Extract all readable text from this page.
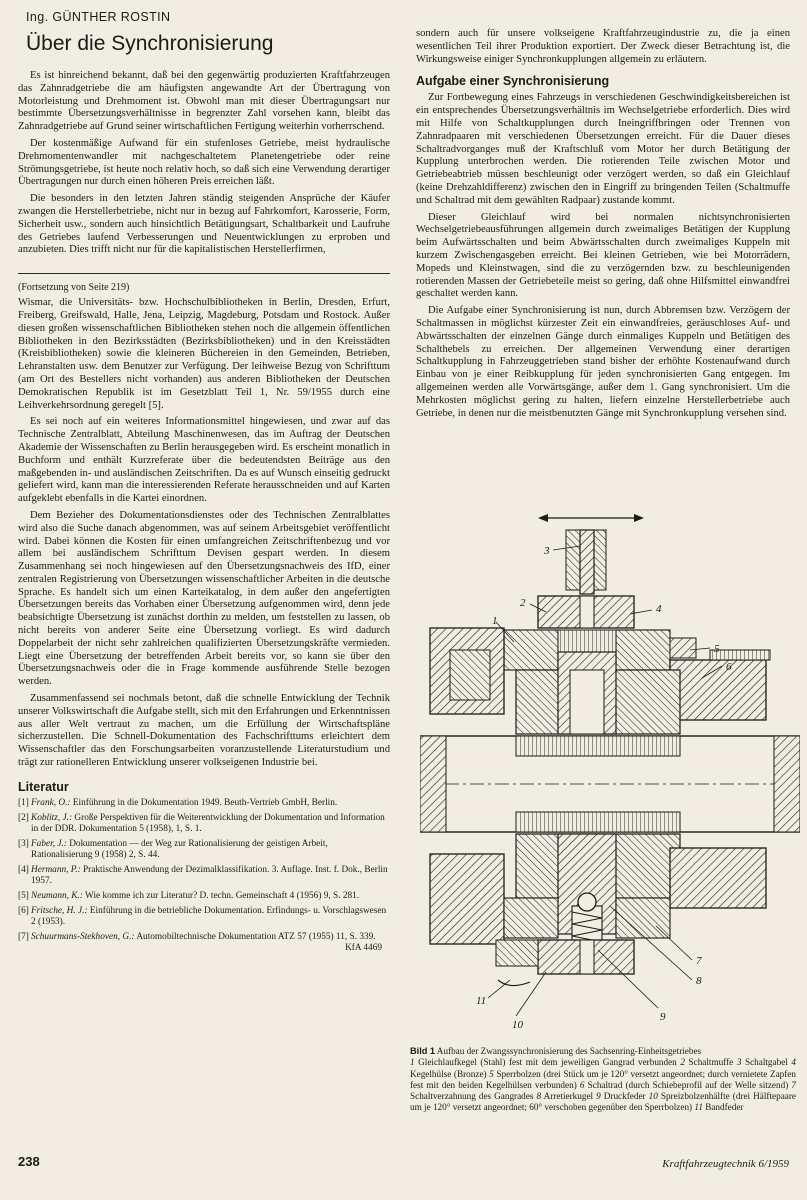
Ing. GÜNTHER ROSTIN
Über die Synchronisierung

Es ist hinreichend bekannt, daß bei den gegenwärtig produzierten Kraftfahrzeugen das Zahnradgetriebe die am häufigsten angewandte Art der Übertragung von Motorleistung und Drehmoment ist. Obwohl man mit dieser Übertragungsart nur bestimmte Übersetzungsverhältnisse in begrenzter Zahl vorsehen kann, bleibt das Zahnradgetriebe auf Grund seiner wirtschaftlichen Fertigung weiterhin vorherrschend.

Der kostenmäßige Aufwand für ein stufenloses Getriebe, meist hydraulische Drehmomentenwandler mit nachgeschaltetem Planetengetriebe oder reine Strömungsgetriebe, ist heute noch relativ hoch, so daß sich eine Verwendung derartiger Übertragungen nur durch einen höheren Preis erreichen läßt.

Die besonders in den letzten Jahren ständig steigenden Ansprüche der Käufer zwangen die Herstellerbetriebe, nicht nur in bezug auf Fahrkomfort, Karosserie, Form, Sicherheit usw., sondern auch hinsichtlich Betätigungsart, Schaltbarkeit und Laufruhe des Getriebes laufend Verbesserungen und Neuentwicklungen zu erproben und anzubieten. Dies trifft nicht nur für die kapitalistischen Herstellerfirmen,

(Fortsetzung von Seite 219)

Wismar, die Universitäts- bzw. Hochschulbibliotheken in Berlin, Dresden, Erfurt, Freiberg, Greifswald, Halle, Jena, Leipzig, Magdeburg, Potsdam und Rostock. Außer diesen großen wissenschaftlichen Bibliotheken stehen noch die allgemein öffentlichen Bibliotheken in den Bezirksstädten (Bezirksbibliotheken) und in den Kreisstädten (Kreisbibliotheken) sowie die kleineren Büchereien in den Gemeinden, Betrieben, Lehranstalten usw. dem Benutzer zur Verfügung. Der leihweise Bezug von Schrifttum (am Ort des Bestellers nicht vorhanden) aus anderen Bibliotheken der Deutschen Demokratischen Republik ist im Gesetzblatt Teil 1, Nr. 59/1955 durch eine Leihverkehrsordnung geregelt [5].

Es sei noch auf ein weiteres Informationsmittel hingewiesen, und zwar auf das Technische Zentralblatt, Abteilung Maschinenwesen, das im Auftrag der Deutschen Akademie der Wissenschaften zu Berlin herausgegeben wird. Es erscheint monatlich in Buchform und enthält Kurzreferate über die bedeutendsten Beiträge aus den maßgebenden in- und ausländischen Zeitschriften. Da es auf Wunsch einseitig gedruckt geliefert wird, kann man die interessierenden Referate herausschneiden und auf Karten aufgeklebt ebenfalls in die Kartei einordnen.

Dem Bezieher des Dokumentationsdienstes oder des Technischen Zentralblattes wird also die Suche danach abgenommen, was auf seinem Arbeitsgebiet veröffentlicht wird. Dabei können die Kosten für einen umfangreichen Zeitschriftenbezug und vor allem bei ausländischem Schrifttum Devisen gespart werden. In diesem Zusammenhang sei noch hingewiesen auf den Übersetzungsnachweis des IfD, einer zentralen Registrierung von Übersetzungen wissenschaftlicher Arbeiten in die deutsche Sprache. Es handelt sich um einen Karteikatalog, in dem außer den angefertigten Übersetzungen bereits das Vorhaben einer Übersetzung aufgenommen wird, denn jede beabsichtigte Übersetzung ist zunächst dorthin zu melden, um feststellen zu lassen, ob nicht bereits von anderer Seite eine Übersetzung vorliegt. Es wird dadurch Doppelarbeit der nicht sehr zahlreichen qualifizierten Übersetzungskräfte vermieden. Liegt eine Übersetzung der betreffenden Arbeit bereits vor, so kann sie über den Übersetzungsnachweis oder die in Frage kommende ausführende Stelle bezogen werden.

Zusammenfassend sei nochmals betont, daß die schnelle Entwicklung der Technik unserer Volkswirtschaft die Aufgabe stellt, sich mit den Erfahrungen und Erkenntnissen aus aller Welt vertraut zu machen, um die Erfüllung der Wirtschaftspläne sicherzustellen. Die Schnell-Dokumentation des Fachschrifttums erleichtert dem Wissenschaftler das den Forschungsarbeiten voranzustellende Literaturstudium und trägt zur rationelleren Entwicklung unserer volkseigenen Industrie bei.

Literatur
[1] Frank, O.: Einführung in die Dokumentation 1949. Beuth-Vertrieb GmbH, Berlin.
[2] Koblitz, J.: Große Perspektiven für die Weiterentwicklung der Dokumentation und Information in der DDR. Dokumentation 5 (1958), 1, S. 1.
[3] Faber, J.: Dokumentation — der Weg zur Rationalisierung der geistigen Arbeit, Rationalisierung 9 (1958) 2, S. 44.
[4] Hermann, P.: Praktische Anwendung der Dezimalklassifikation. 3. Auflage. Inst. f. Dok., Berlin 1957.
[5] Neumann, K.: Wie komme ich zur Literatur? D. techn. Gemeinschaft 4 (1956) 9, S. 281.
[6] Fritsche, H. J.: Einführung in die betriebliche Dokumentation. Erfindungs- u. Vorschlagswesen 2 (1953).
[7] Schuurmans-Stekhoven, G.: Automobiltechnische Dokumentation ATZ 57 (1955) 11, S. 339.
KfA 4469

sondern auch für unsere volkseigene Kraftfahrzeugindustrie zu, die ja einen wesentlichen Teil ihrer Produktion exportiert. Der Zweck dieser Betrachtung ist, die Wirkungsweise einiger Synchronkupplungen allgemein zu erläutern.

Aufgabe einer Synchronisierung

Zur Fortbewegung eines Fahrzeugs in verschiedenen Geschwindigkeitsbereichen ist ein entsprechendes Übersetzungsverhältnis im Wechselgetriebe erforderlich. Dies wird mit Hilfe von Schaltkupplungen durch Ineingriffbringen oder Trennen von Zahnradpaaren mit verschiedenen Übersetzungen erreicht. Für die Dauer dieses Schaltradvorganges muß der Kraftschluß vom Motor her durch Betätigung der Kupplung unterbrochen werden. Die rotierenden Teile zwischen Motor und Getriebeabtrieb müssen beschleunigt oder verzögert werden, so daß ein Gleichlauf (keine Drehzahldifferenz) zwischen den in Eingriff zu bringenden Teilen (Schaltmuffe und Schaltrad mit dem gewählten Radpaar) zustande kommt.

Dieser Gleichlauf wird bei normalen nichtsynchronisierten Wechselgetriebeausführungen allgemein durch zweimaliges Betätigen der Kupplung beim Aufwärtsschalten und beim Abwärtsschalten durch zweimaliges Kuppeln mit kurzem Zwischengasgeben erreicht. Bei kleinen Getrieben, wie bei Motorrädern, Mopeds und Kleinstwagen, sind die zu verzögernden bzw. zu beschleunigenden rotierenden Massen der Getriebeteile meist so gering, daß ohne Hilfsmittel einwandfrei geschaltet werden kann.

Die Aufgabe einer Synchronisierung ist nun, durch Abbremsen bzw. Verzögern der Schaltmassen in möglichst kürzester Zeit ein einwandfreies, geräuschloses Auf- und Abwärtsschalten der einzelnen Gänge durch einmaliges Kuppeln und Betätigen des Schalthebels zu erreichen. Der allgemeinen Verwendung einer derartigen Schaltkupplung in Fahrzeuggetrieben stand bisher der erhöhte Kostenaufwand durch Einbau von je einer Reibkupplung für jeden synchronisierten Gang entgegen. Im allgemeinen werden alle Vorwärtsgänge, außer dem 1. Gang synchronisiert. Um die Mehrkosten möglichst gering zu halten, liefern einzelne Herstellerbetriebe auch Getriebe, in denen nur die meistbenutzten Gänge mit Synchronkupplung versehen sind.

1
2
3
4
5
6
7
8
9
10
11
Bild 1 Aufbau der Zwangssynchronisierung des Sachsenring-Einheitsgetriebes
1 Gleichlaufkegel (Stahl) fest mit dem jeweiligen Gangrad verbunden 2 Schaltmuffe 3 Schaltgabel 4 Kegelhülse (Bronze) 5 Sperrbolzen (drei Stück um je 120° versetzt angeordnet; durch vernietete Zapfen fest mit den beiden Kegelhülsen verbunden) 6 Schaltrad (durch Schiebeprofil auf der Welle sitzend) 7 Schaltverzahnung des Gangrades 8 Arretierkugel 9 Druckfeder 10 Spreizbolzenhälfte (drei Hälftepaare um je 120° versetzt angeordnet; 60° verschoben gegenüber den Sperrbolzen) 11 Bandfeder
238	Kraftfahrzeugtechnik 6/1959
